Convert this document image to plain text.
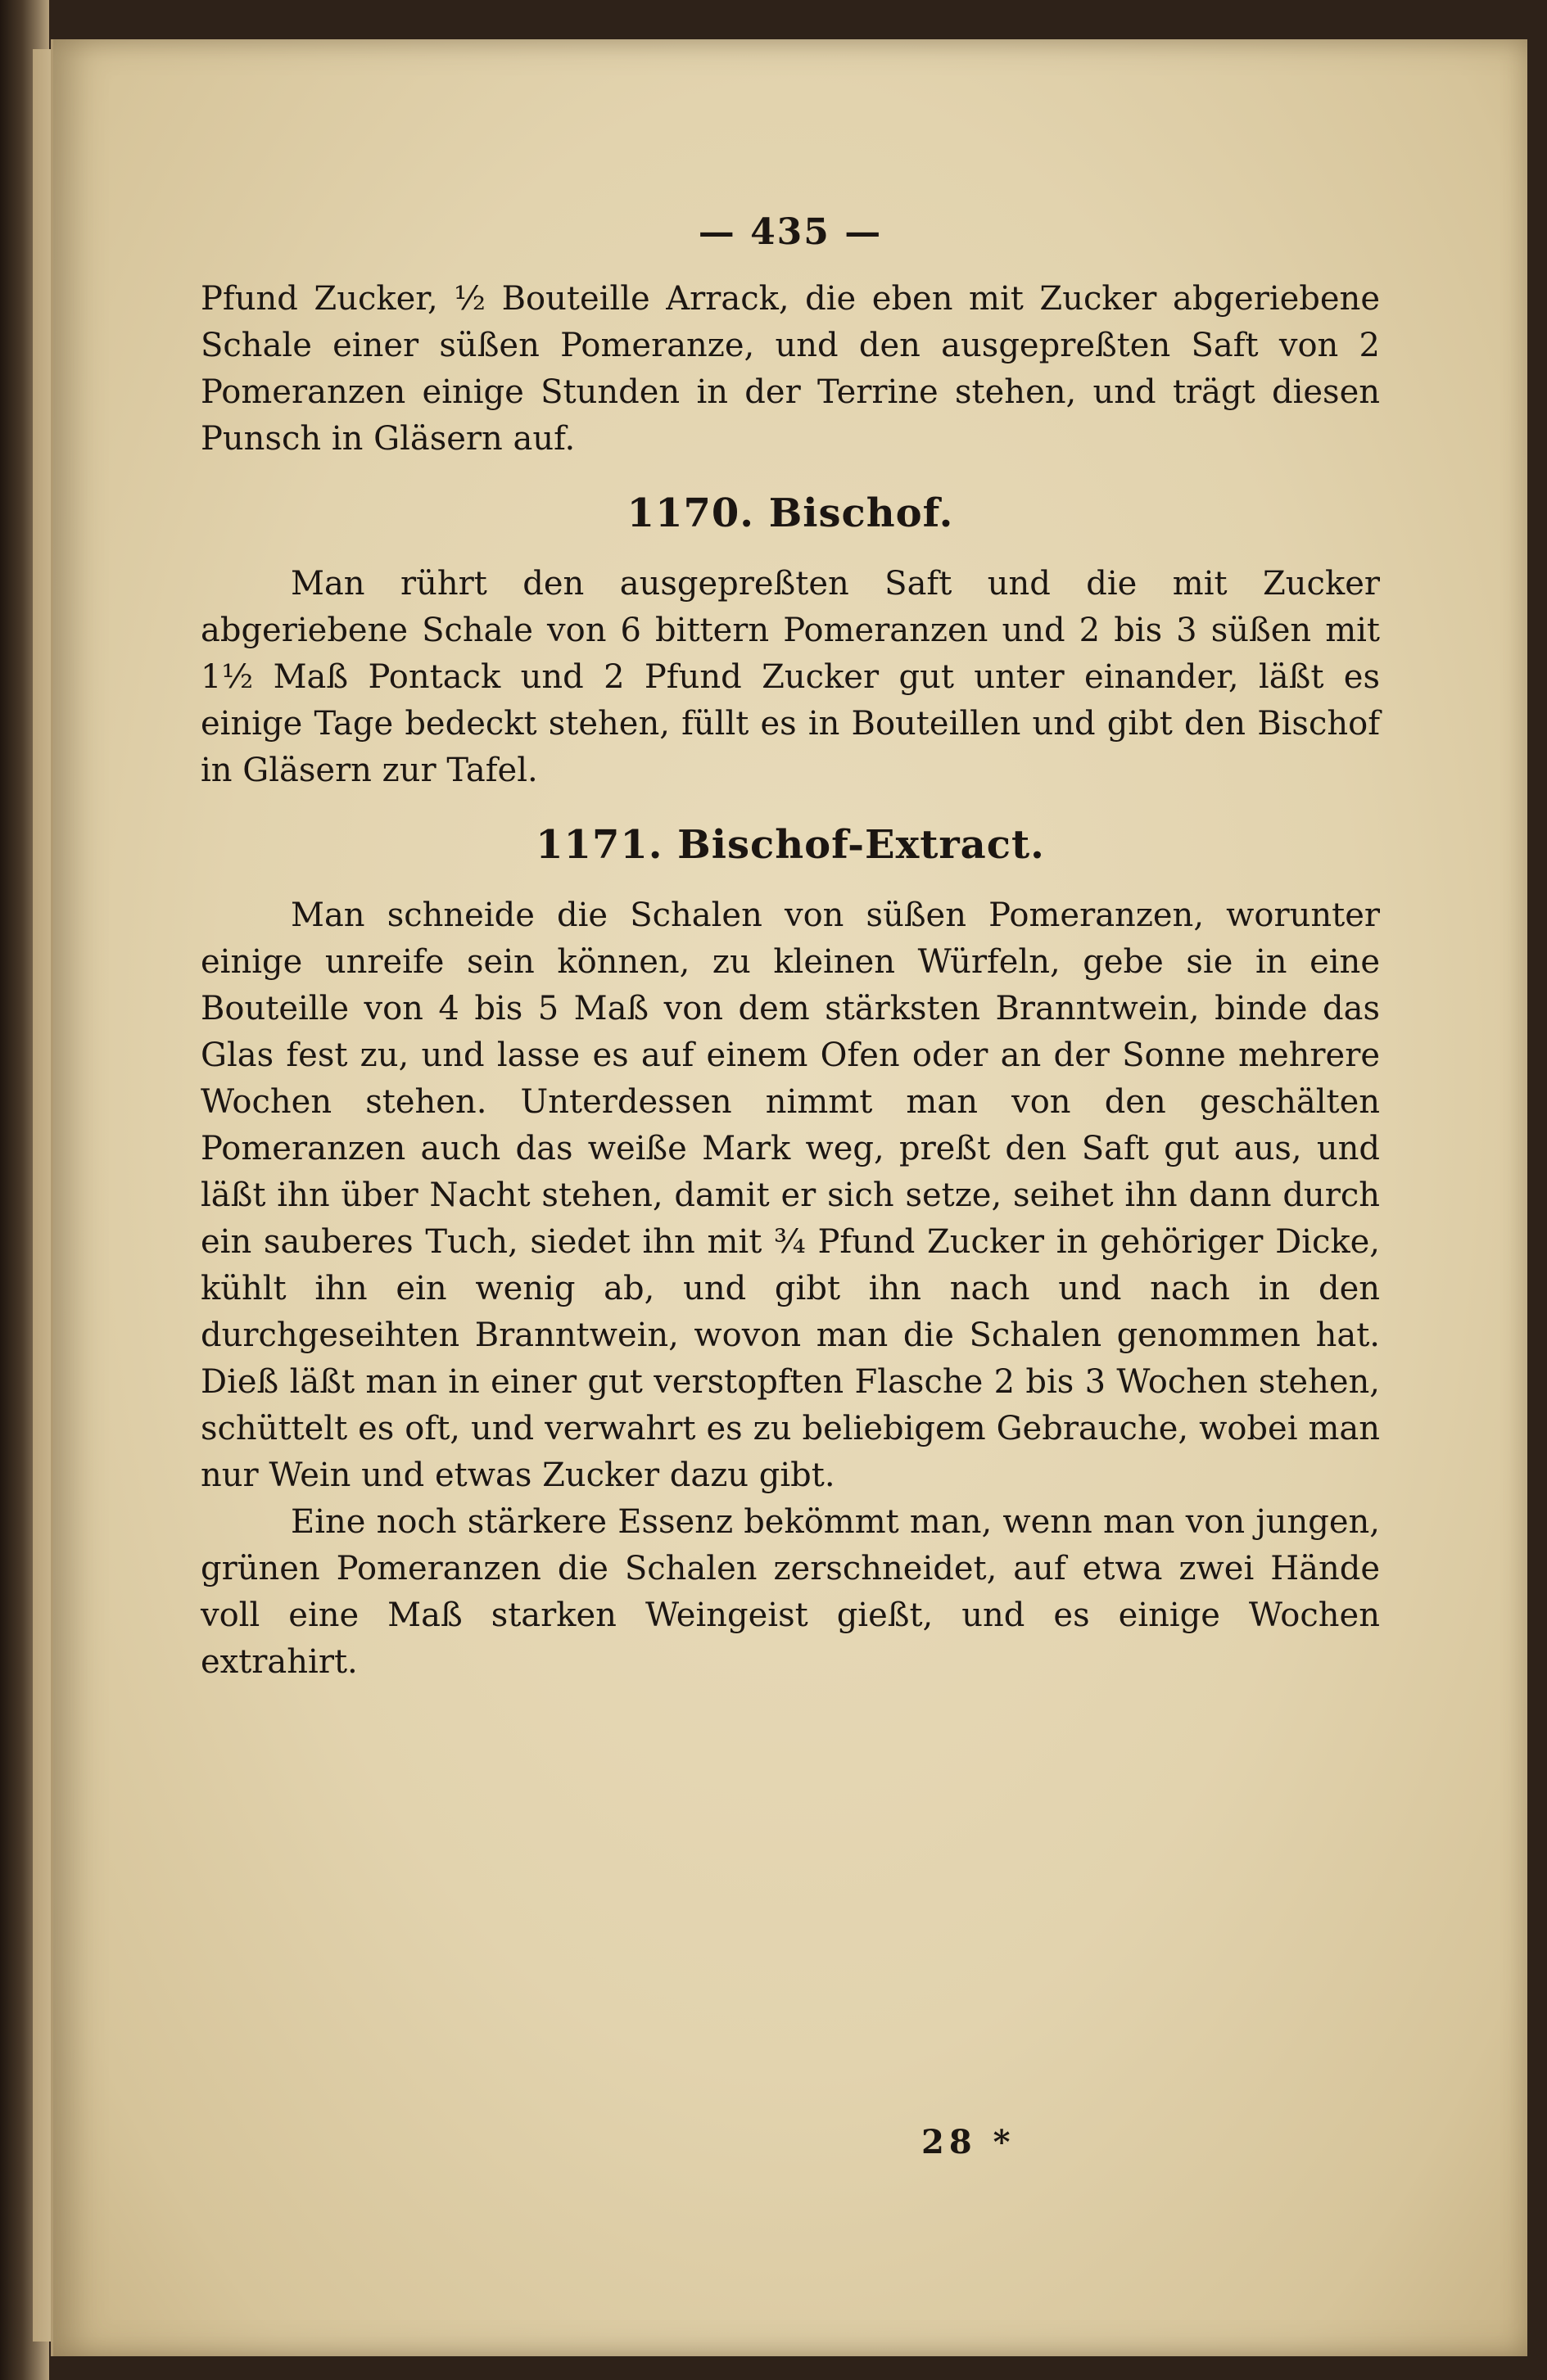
— 435 —

Pfund Zucker, ½ Bouteille Arrack, die eben mit Zucker abgeriebene Schale einer süßen Pomeranze, und den ausgepreßten Saft von 2 Pomeranzen einige Stunden in der Terrine stehen, und trägt diesen Punsch in Gläsern auf.

1170. Bischof.

Man rührt den ausgepreßten Saft und die mit Zucker abgeriebene Schale von 6 bittern Pomeranzen und 2 bis 3 süßen mit 1½ Maß Pontack und 2 Pfund Zucker gut unter einander, läßt es einige Tage bedeckt stehen, füllt es in Bouteillen und gibt den Bischof in Gläsern zur Tafel.

1171. Bischof-Extract.

Man schneide die Schalen von süßen Pomeranzen, worunter einige unreife sein können, zu kleinen Würfeln, gebe sie in eine Bouteille von 4 bis 5 Maß von dem stärksten Branntwein, binde das Glas fest zu, und lasse es auf einem Ofen oder an der Sonne mehrere Wochen stehen. Unterdessen nimmt man von den geschälten Pomeranzen auch das weiße Mark weg, preßt den Saft gut aus, und läßt ihn über Nacht stehen, damit er sich setze, seihet ihn dann durch ein sauberes Tuch, siedet ihn mit ¾ Pfund Zucker in gehöriger Dicke, kühlt ihn ein wenig ab, und gibt ihn nach und nach in den durchgeseihten Branntwein, wovon man die Schalen genommen hat. Dieß läßt man in einer gut verstopften Flasche 2 bis 3 Wochen stehen, schüttelt es oft, und verwahrt es zu beliebigem Gebrauche, wobei man nur Wein und etwas Zucker dazu gibt.

Eine noch stärkere Essenz bekömmt man, wenn man von jungen, grünen Pomeranzen die Schalen zerschneidet, auf etwa zwei Hände voll eine Maß starken Weingeist gießt, und es einige Wochen extrahirt.

28 *
